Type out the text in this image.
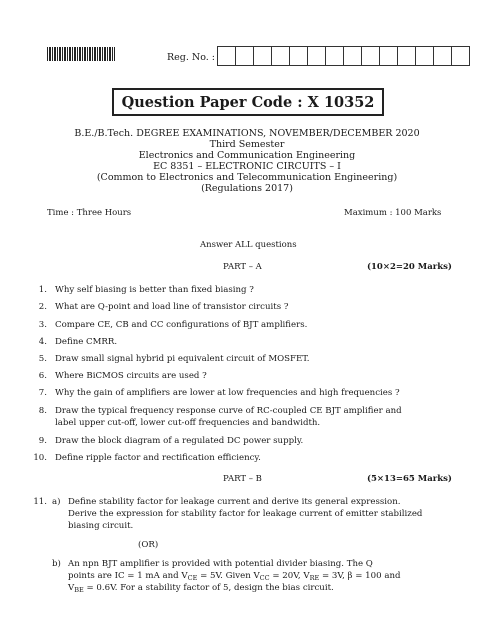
Reg. No. :
Question Paper Code :
X 10352
B.E./B.Tech. DEGREE EXAMINATIONS, NOVEMBER/DECEMBER 2020
Third Semester
Electronics and Communication Engineering
EC 8351 – ELECTRONIC CIRCUITS – I
(Common to Electronics and Telecommunication Engineering)
(Regulations 2017)
Time : Three Hours	Maximum : 100 Marks
Answer ALL questions
PART – A	(10×2=20 Marks)
1. Why self biasing is better than fixed biasing ?
2. What are Q-point and load line of transistor circuits ?
3. Compare CE, CB and CC configurations of BJT amplifiers.
4. Define CMRR.
5. Draw small signal hybrid pi equivalent circuit of MOSFET.
6. Where BiCMOS circuits are used ?
7. Why the gain of amplifiers are lower at low frequencies and high frequencies ?
8. Draw the typical frequency response curve of RC-coupled CE BJT amplifier and
label upper cut-off, lower cut-off frequencies and bandwidth.
9. Draw the block diagram of a regulated DC power supply.
10. Define ripple factor and rectification efficiency.
PART – B	(5×13=65 Marks)
11. a) Define stability factor for leakage current and derive its general expression.
Derive the expression for stability factor for leakage current of emitter stabilized
biasing circuit.
(OR)
b) An npn BJT amplifier is provided with potential divider biasing. The Q
points are IC = 1 mA and $V_{CE} = 5V$. Given $V_{CC} = 20V$, $V_{RE} = 3V$, β = 100 and
$V_{BE} = 0.6V$. For a stability factor of 5, design the bias circuit.
